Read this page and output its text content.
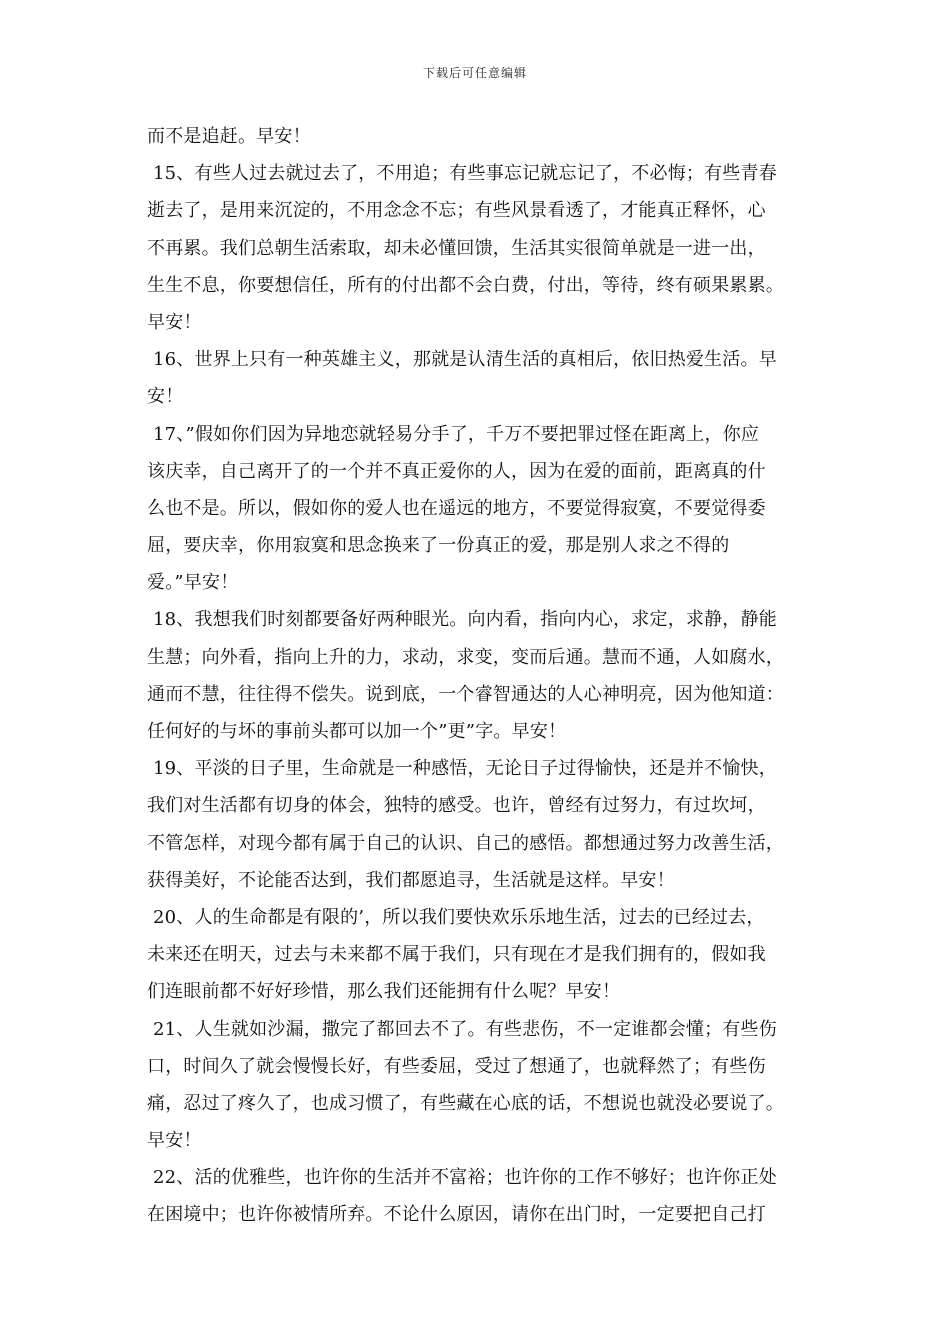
下载后可任意编辑
而不是追赶。早安！
15、有些人过去就过去了，不用追；有些事忘记就忘记了，不必悔；有些青春
逝去了，是用来沉淀的，不用念念不忘；有些风景看透了，才能真正释怀，心
不再累。我们总朝生活索取，却未必懂回馈，生活其实很简单就是一进一出，
生生不息，你要想信任，所有的付出都不会白费，付出，等待，终有硕果累累。
早安！
16、世界上只有一种英雄主义，那就是认清生活的真相后，依旧热爱生活。早
安！
17、”假如你们因为异地恋就轻易分手了，千万不要把罪过怪在距离上，你应
该庆幸，自己离开了的一个并不真正爱你的人，因为在爱的面前，距离真的什
么也不是。所以，假如你的爱人也在遥远的地方，不要觉得寂寞，不要觉得委
屈，要庆幸，你用寂寞和思念换来了一份真正的爱，那是别人求之不得的
爱。”早安！
18、我想我们时刻都要备好两种眼光。向内看，指向内心，求定，求静，静能
生慧；向外看，指向上升的力，求动，求变，变而后通。慧而不通，人如腐水，
通而不慧，往往得不偿失。说到底，一个睿智通达的人心神明亮，因为他知道：
任何好的与坏的事前头都可以加一个”更”字。早安！
19、平淡的日子里，生命就是一种感悟，无论日子过得愉快，还是并不愉快，
我们对生活都有切身的体会，独特的感受。也许，曾经有过努力，有过坎坷，
不管怎样，对现今都有属于自己的认识、自己的感悟。都想通过努力改善生活，
获得美好，不论能否达到，我们都愿追寻，生活就是这样。早安！
20、人的生命都是有限的’，所以我们要快欢乐乐地生活，过去的已经过去，
未来还在明天，过去与未来都不属于我们，只有现在才是我们拥有的，假如我
们连眼前都不好好珍惜，那么我们还能拥有什么呢？早安！
21、人生就如沙漏，撒完了都回去不了。有些悲伤，不一定谁都会懂；有些伤
口，时间久了就会慢慢长好，有些委屈，受过了想通了，也就释然了；有些伤
痛，忍过了疼久了，也成习惯了，有些藏在心底的话，不想说也就没必要说了。
早安！
22、活的优雅些，也许你的生活并不富裕；也许你的工作不够好；也许你正处
在困境中；也许你被情所弃。不论什么原因，请你在出门时，一定要把自己打
